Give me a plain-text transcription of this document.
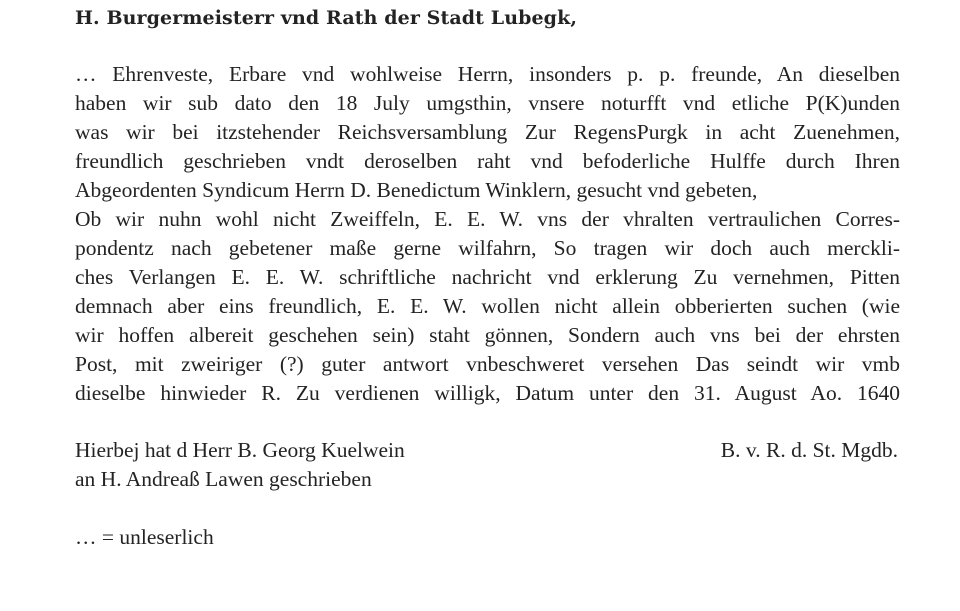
H. Burgermeisterr vnd Rath der Stadt Lubegk,
… Ehrenveste, Erbare vnd wohlweise Herrn, insonders p. p. freunde, An dieselben
haben wir sub dato den 18 July umgsthin, vnsere noturfft vnd etliche P(K)unden
was wir bei itzstehender Reichsversamblung Zur RegensPurgk in acht Zuenehmen,
freundlich geschrieben vndt deroselben raht vnd befoderliche Hulffe durch Ihren
Abgeordenten Syndicum Herrn D. Benedictum Winklern, gesucht vnd gebeten,
Ob wir nuhn wohl nicht Zweiffeln, E. E. W. vns der vhralten vertraulichen Corres-
pondentz nach gebetener maße gerne wilfahrn, So tragen wir doch auch merckli-
ches Verlangen E. E. W. schriftliche nachricht vnd erklerung Zu vernehmen, Pitten
demnach aber eins freundlich, E. E. W. wollen nicht allein obberierten suchen (wie
wir hoffen albereit geschehen sein) staht gönnen, Sondern auch vns bei der ehrsten
Post, mit zweiriger (?) guter antwort vnbeschweret versehen Das seindt wir vmb
dieselbe hinwieder R. Zu verdienen willigk, Datum unter den 31. August Ao. 1640
Hierbej hat d Herr B. Georg Kuelwein
an H. Andreaß Lawen geschrieben
B. v. R. d. St. Mgdb.
… = unleserlich
